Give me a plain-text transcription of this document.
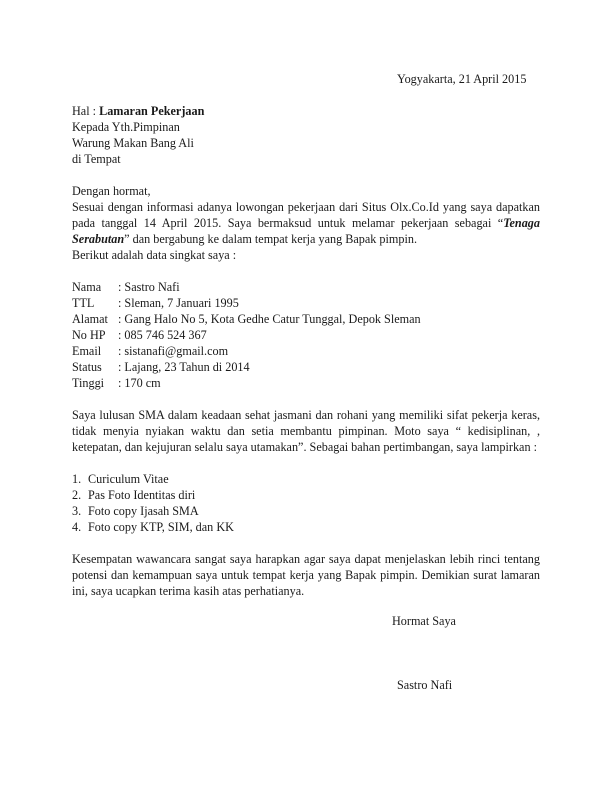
Yogyakarta, 21 April 2015
Hal : Lamaran Pekerjaan
Kepada Yth.Pimpinan
Warung Makan Bang Ali
di Tempat
Dengan hormat,
Sesuai dengan informasi adanya lowongan pekerjaan dari Situs Olx.Co.Id yang saya dapatkan
pada tanggal 14 April 2015. Saya bermaksud untuk melamar pekerjaan sebagai “Tenaga
Serabutan” dan bergabung ke dalam tempat kerja yang Bapak pimpin.
Berikut adalah data singkat saya :
Nama : Sastro Nafi
TTL : Sleman, 7 Januari 1995
Alamat : Gang Halo No 5, Kota Gedhe Catur Tunggal, Depok Sleman
No HP : 085 746 524 367
Email : sistanafi@gmail.com
Status : Lajang, 23 Tahun di 2014
Tinggi : 170 cm
Saya lulusan SMA dalam keadaan sehat jasmani dan rohani yang memiliki sifat pekerja keras,
tidak menyia nyiakan waktu dan setia membantu pimpinan. Moto saya “ kedisiplinan, ,
ketepatan, dan kejujuran selalu saya utamakan”. Sebagai bahan pertimbangan, saya lampirkan :
1. Curiculum Vitae
2. Pas Foto Identitas diri
3. Foto copy Ijasah SMA
4. Foto copy KTP, SIM, dan KK
Kesempatan wawancara sangat saya harapkan agar saya dapat menjelaskan lebih rinci tentang
potensi dan kemampuan saya untuk tempat kerja yang Bapak pimpin. Demikian surat lamaran
ini, saya ucapkan terima kasih atas perhatianya.
Hormat Saya
Sastro Nafi
